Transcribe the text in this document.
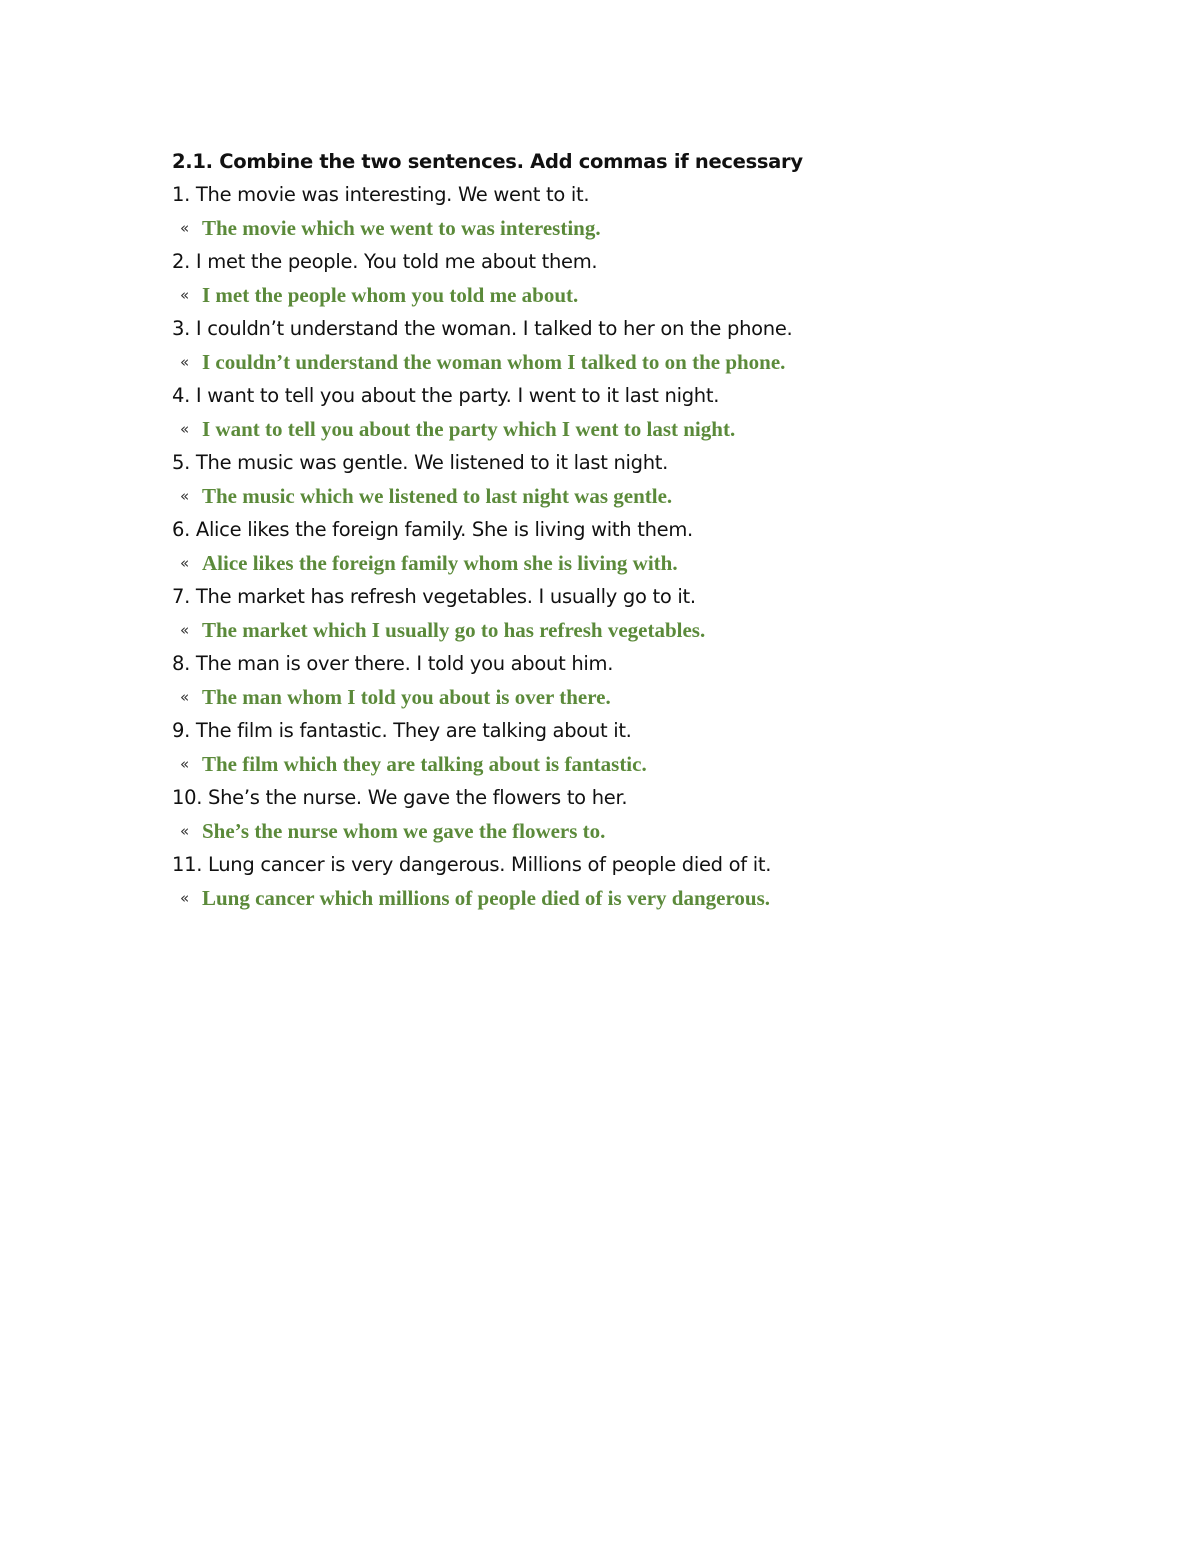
2.1. Combine the two sentences. Add commas if necessary
1. The movie was interesting. We went to it.
« The movie which we went to was interesting.
2. I met the people. You told me about them.
« I met the people whom you told me about.
3. I couldn’t understand the woman. I talked to her on the phone.
« I couldn’t understand the woman whom I talked to on the phone.
4. I want to tell you about the party. I went to it last night.
« I want to tell you about the party which I went to last night.
5. The music was gentle. We listened to it last night.
« The music which we listened to last night was gentle.
6. Alice likes the foreign family. She is living with them.
« Alice likes the foreign family whom she is living with.
7. The market has refresh vegetables. I usually go to it.
« The market which I usually go to has refresh vegetables.
8. The man is over there. I told you about him.
« The man whom I told you about is over there.
9. The film is fantastic. They are talking about it.
« The film which they are talking about is fantastic.
10. She’s the nurse. We gave the flowers to her.
« She’s the nurse whom we gave the flowers to.
11. Lung cancer is very dangerous. Millions of people died of it.
« Lung cancer which millions of people died of is very dangerous.
